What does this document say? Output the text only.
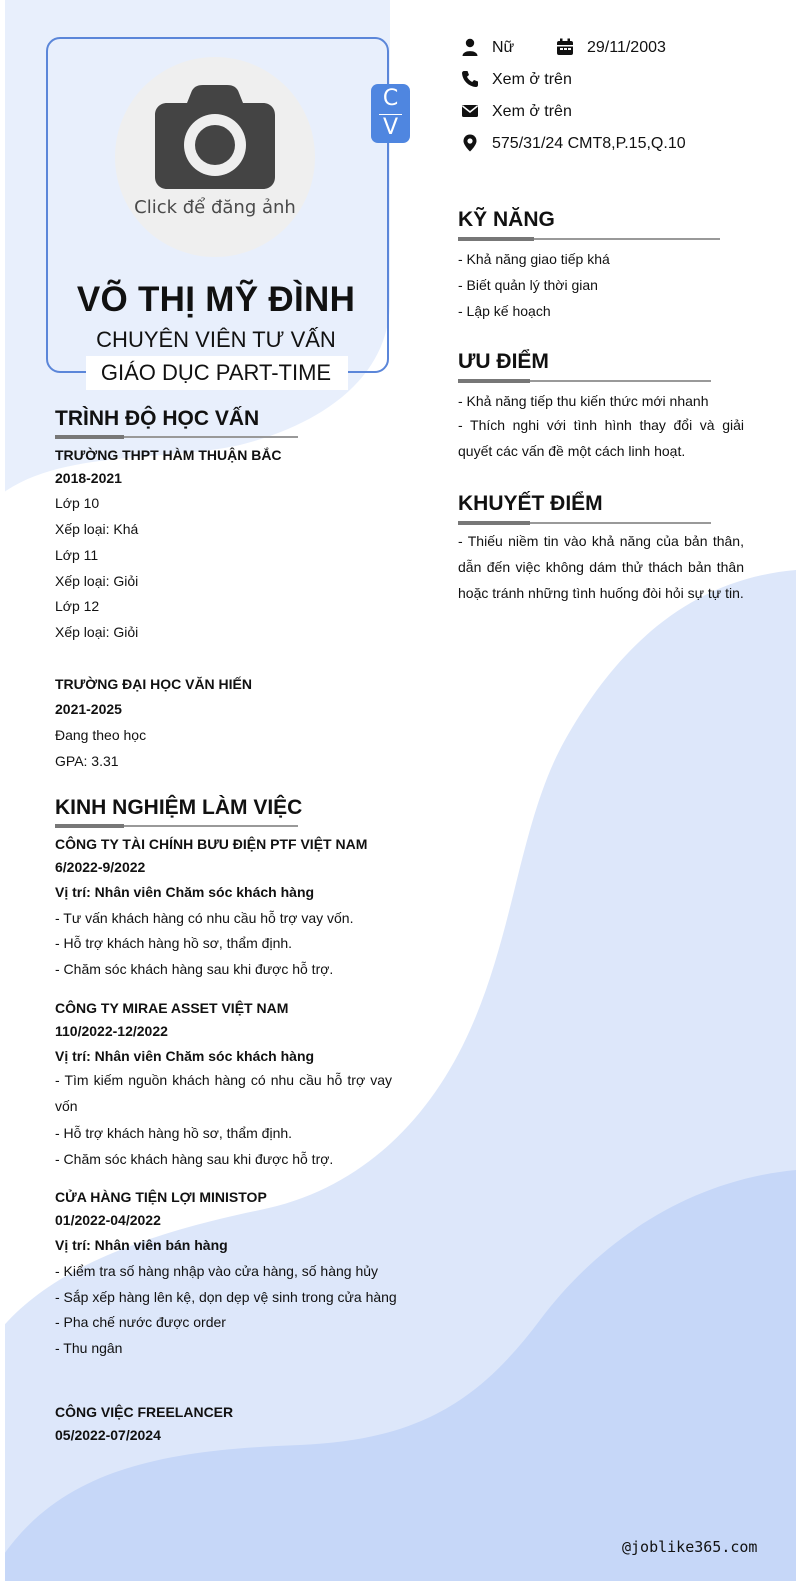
Click để đăng ảnh
C
V
VÕ THỊ MỸ ĐÌNH
CHUYÊN VIÊN TƯ VẤN
GIÁO DỤC PART-TIME
Nữ	29/11/2003
Xem ở trên
Xem ở trên
575/31/24 CMT8,P.15,Q.10
KỸ NĂNG
- Khả năng giao tiếp khá
- Biết quản lý thời gian
- Lập kế hoạch
ƯU ĐIỂM
- Khả năng tiếp thu kiến thức mới nhanh
- Thích nghi với tình hình thay đổi và giải quyết các vấn đề một cách linh hoạt.
KHUYẾT ĐIỂM
- Thiếu niềm tin vào khả năng của bản thân, dẫn đến việc không dám thử thách bản thân hoặc tránh những tình huống đòi hỏi sự tự tin.
TRÌNH ĐỘ HỌC VẤN
TRƯỜNG THPT HÀM THUẬN BẮC
2018-2021
Lớp 10
Xếp loại: Khá
Lớp 11
Xếp loại: Giỏi
Lớp 12
Xếp loại: Giỏi
TRƯỜNG ĐẠI HỌC VĂN HIẾN
2021-2025
Đang theo học
GPA: 3.31
KINH NGHIỆM LÀM VIỆC
CÔNG TY TÀI CHÍNH BƯU ĐIỆN PTF VIỆT NAM
6/2022-9/2022
Vị trí: Nhân viên Chăm sóc khách hàng
- Tư vấn khách hàng có nhu cầu hỗ trợ vay vốn.
- Hỗ trợ khách hàng hồ sơ, thẩm định.
- Chăm sóc khách hàng sau khi được hỗ trợ.
CÔNG TY MIRAE ASSET VIỆT NAM
110/2022-12/2022
Vị trí: Nhân viên Chăm sóc khách hàng
- Tìm kiếm nguồn khách hàng có nhu cầu hỗ trợ vay vốn
- Hỗ trợ khách hàng hồ sơ, thẩm định.
- Chăm sóc khách hàng sau khi được hỗ trợ.
CỬA HÀNG TIỆN LỢI MINISTOP
01/2022-04/2022
Vị trí: Nhân viên bán hàng
- Kiểm tra số hàng nhập vào cửa hàng, số hàng hủy
- Sắp xếp hàng lên kệ, dọn dẹp vệ sinh trong cửa hàng
- Pha chế nước được order
- Thu ngân
CÔNG VIỆC FREELANCER
05/2022-07/2024
@joblike365.com
